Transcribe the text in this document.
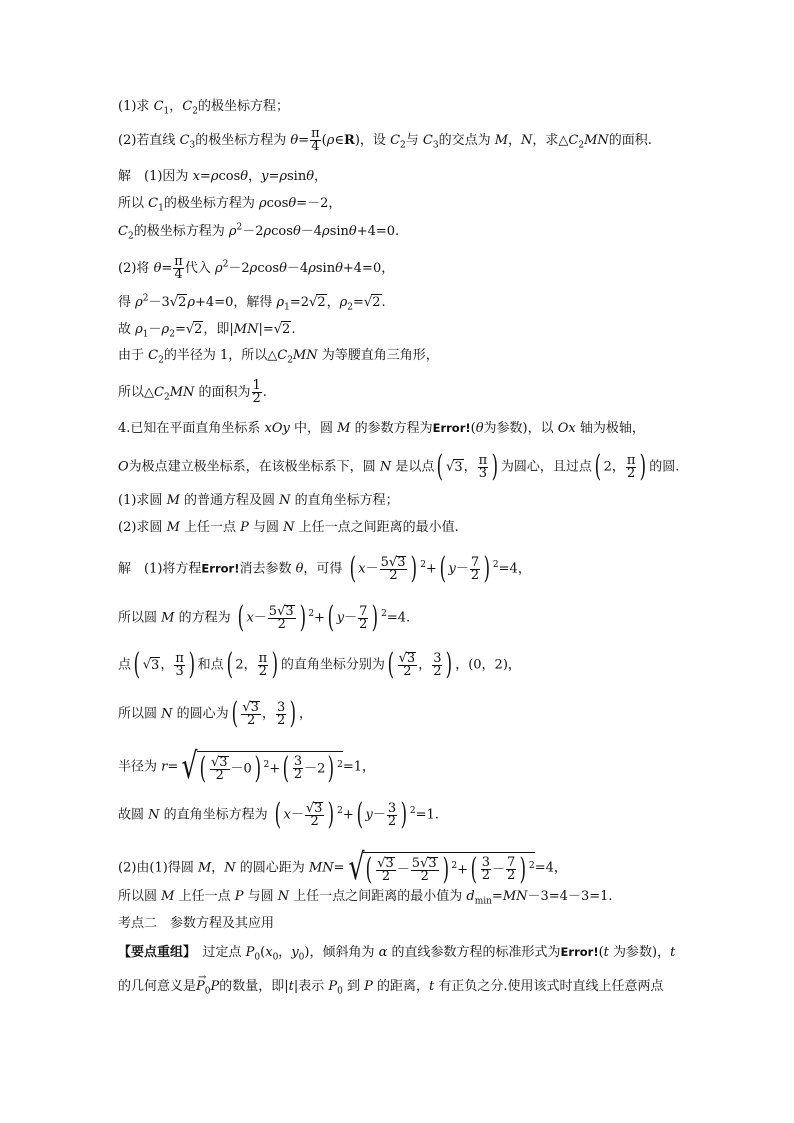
(1)求 $C_1$，$C_2$的极坐标方程；
(2)若直线 $C_3$的极坐标方程为 $\theta= \frac{\pi}{4}$ (ρ∈R)，设 $C_2$与 $C_3$的交点为 M，N，求$\triangle C_2MN$的面积.
解　(1)因为 x=ρcosθ，y=ρsinθ，
所以 $C_1$的极坐标方程为 ρcosθ=－2，
$C_2$的极坐标方程为 $\rho^2-2\rho\cos\theta-4\rho\sin\theta+4=0$.
(2)将 $\theta= \frac{\pi}{4}$ 代入 $\rho^2-2\rho\cos\theta-4\rho\sin\theta+4=0$，
得 $\rho^2-3√2\rho+4=0$，解得 $\rho_1=2√2$，$\rho_2=√2$.
故 $\rho_1-\rho_2=√2$，即|MN|=√2.
由于 $C_2$的半径为 1，所以$\triangle C_2MN$ 为等腰直角三角形，
所以$\triangle C_2MN$ 的面积为 $\frac{1}{2}$ .
4.已知在平面直角坐标系 xOy 中，圆 M 的参数方程为Error!(θ为参数)，以 Ox 轴为极轴，
O为极点建立极坐标系，在该极坐标系下，圆 N 是以点( √3， $\frac{\pi}{3}$ ) 为圆心，且过点( 2， $\frac{\pi}{2}$ ) 的圆.
(1)求圆 M 的普通方程及圆 N 的直角坐标方程；
(2)求圆 M 上任一点 P 与圆 N 上任一点之间距离的最小值.
解　(1)将方程Error!消去参数 θ，可得 ( $x- \frac{5√3}{2}$ ) $^2$+( $y- \frac{7}{2}$ ) $^2$=4，
所以圆 M 的方程为 ( $x- \frac{5√3}{2}$ ) $^2$+( $y- \frac{7}{2}$ ) $^2$=4.
点( √3， $\frac{\pi}{3}$ ) 和点( 2， $\frac{\pi}{2}$ ) 的直角坐标分别为( $\frac{√3}{2}$ ， $\frac{3}{2}$ ) ，(0，2)，
所以圆 N 的圆心为( $\frac{√3}{2}$ ， $\frac{3}{2}$ ) ，
半径为 $r=√( \frac{√3}{2} -0)$ $^2+( \frac{3}{2} -2)$ $^2$=1，
故圆 N 的直角坐标方程为 ( $x- \frac{√3}{2}$ ) $^2$+( $y- \frac{3}{2}$ ) $^2$=1.
(2)由(1)得圆 M，N 的圆心距为 $MN=√( \frac{√3}{2} - \frac{5√3}{2}$ ) $^2+( \frac{3}{2} - \frac{7}{2}$ ) $^2$=4，
所以圆 M 上任一点 P 与圆 N 上任一点之间距离的最小值为 $d_{min}=MN-3=4-3=1$.
考点二　参数方程及其应用
【要点重组】　过定点 $P_0(x_0$，$y_0$)，倾斜角为 α 的直线参数方程的标准形式为Error!(t 为参数)，t
的几何意义是
→
$P_0P$的数量，即|t|表示 $P_0$ 到 P 的距离，t 有正负之分.使用该式时直线上任意两点
